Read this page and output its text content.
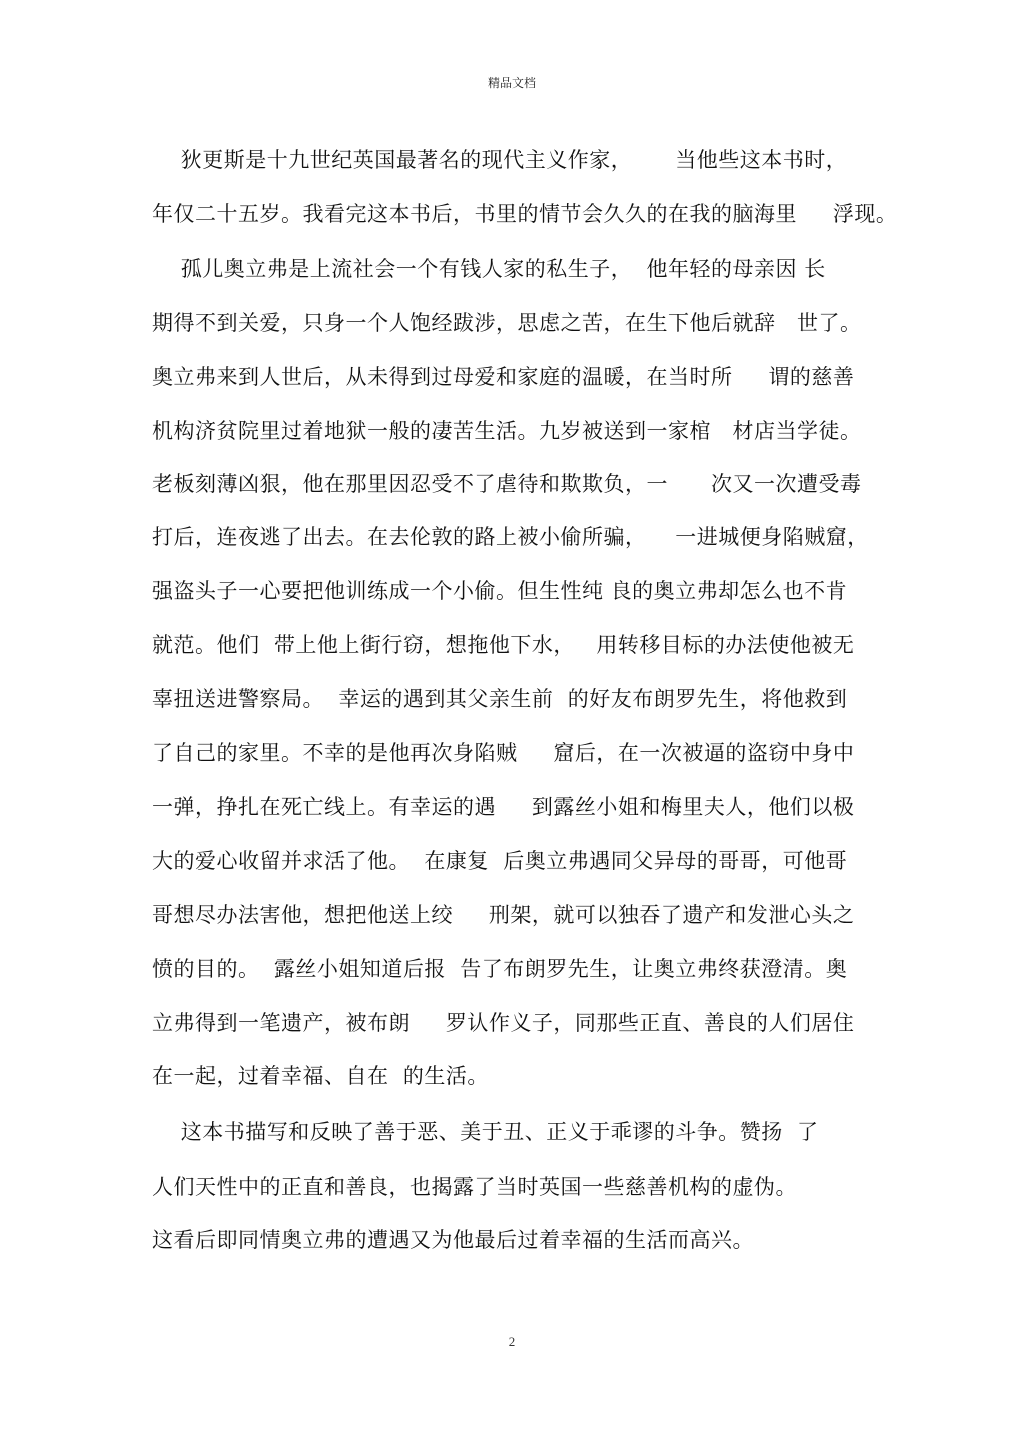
精品文档
狄更斯是十九世纪英国最著名的现代主义作家，      当他些这本书时，
年仅二十五岁。我看完这本书后，书里的情节会久久的在我的脑海里     浮现。
孤儿奥立弗是上流社会一个有钱人家的私生子，  他年轻的母亲因 长
期得不到关爱，只身一个人饱经跋涉，思虑之苦，在生下他后就辞   世了。
奥立弗来到人世后，从未得到过母爱和家庭的温暖，在当时所     谓的慈善
机构济贫院里过着地狱一般的凄苦生活。九岁被送到一家棺   材店当学徒。
老板刻薄凶狠，他在那里因忍受不了虐待和欺欺负，一      次又一次遭受毒
打后，连夜逃了出去。在去伦敦的路上被小偷所骗，    一进城便身陷贼窟，
强盗头子一心要把他训练成一个小偷。但生性纯 良的奥立弗却怎么也不肯
就范。他们  带上他上街行窃，想拖他下水，   用转移目标的办法使他被无
辜扭送进警察局。  幸运的遇到其父亲生前  的好友布朗罗先生，将他救到
了自己的家里。不幸的是他再次身陷贼     窟后，在一次被逼的盗窃中身中
一弹，挣扎在死亡线上。有幸运的遇     到露丝小姐和梅里夫人，他们以极
大的爱心收留并求活了他。  在康复  后奥立弗遇同父异母的哥哥，可他哥
哥想尽办法害他，想把他送上绞     刑架，就可以独吞了遗产和发泄心头之
愤的目的。  露丝小姐知道后报  告了布朗罗先生，让奥立弗终获澄清。奥
立弗得到一笔遗产，被布朗     罗认作义子，同那些正直、善良的人们居住
在一起，过着幸福、自在  的生活。
这本书描写和反映了善于恶、美于丑、正义于乖谬的斗争。赞扬  了
人们天性中的正直和善良，也揭露了当时英国一些慈善机构的虚伪。
这看后即同情奥立弗的遭遇又为他最后过着幸福的生活而高兴。
2
